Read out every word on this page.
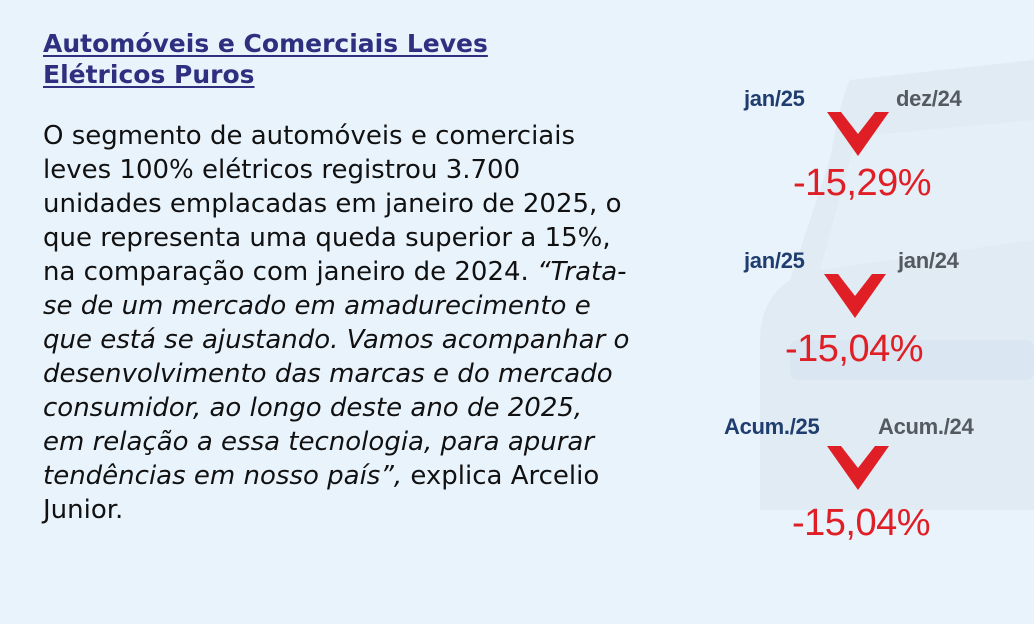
Automóveis e Comerciais Leves
Elétricos Puros

O segmento de automóveis e comerciais
leves 100% elétricos registrou 3.700
unidades emplacadas em janeiro de 2025, o
que representa uma queda superior a 15%,
na comparação com janeiro de 2024. “Trata-
se de um mercado em amadurecimento e
que está se ajustando. Vamos acompanhar o
desenvolvimento das marcas e do mercado
consumidor, ao longo deste ano de 2025,
em relação a essa tecnologia, para apurar
tendências em nosso país”, explica Arcelio
Junior.

jan/25	dez/24
-15,29%
jan/25	jan/24
-15,04%
Acum./25	Acum./24
-15,04%
